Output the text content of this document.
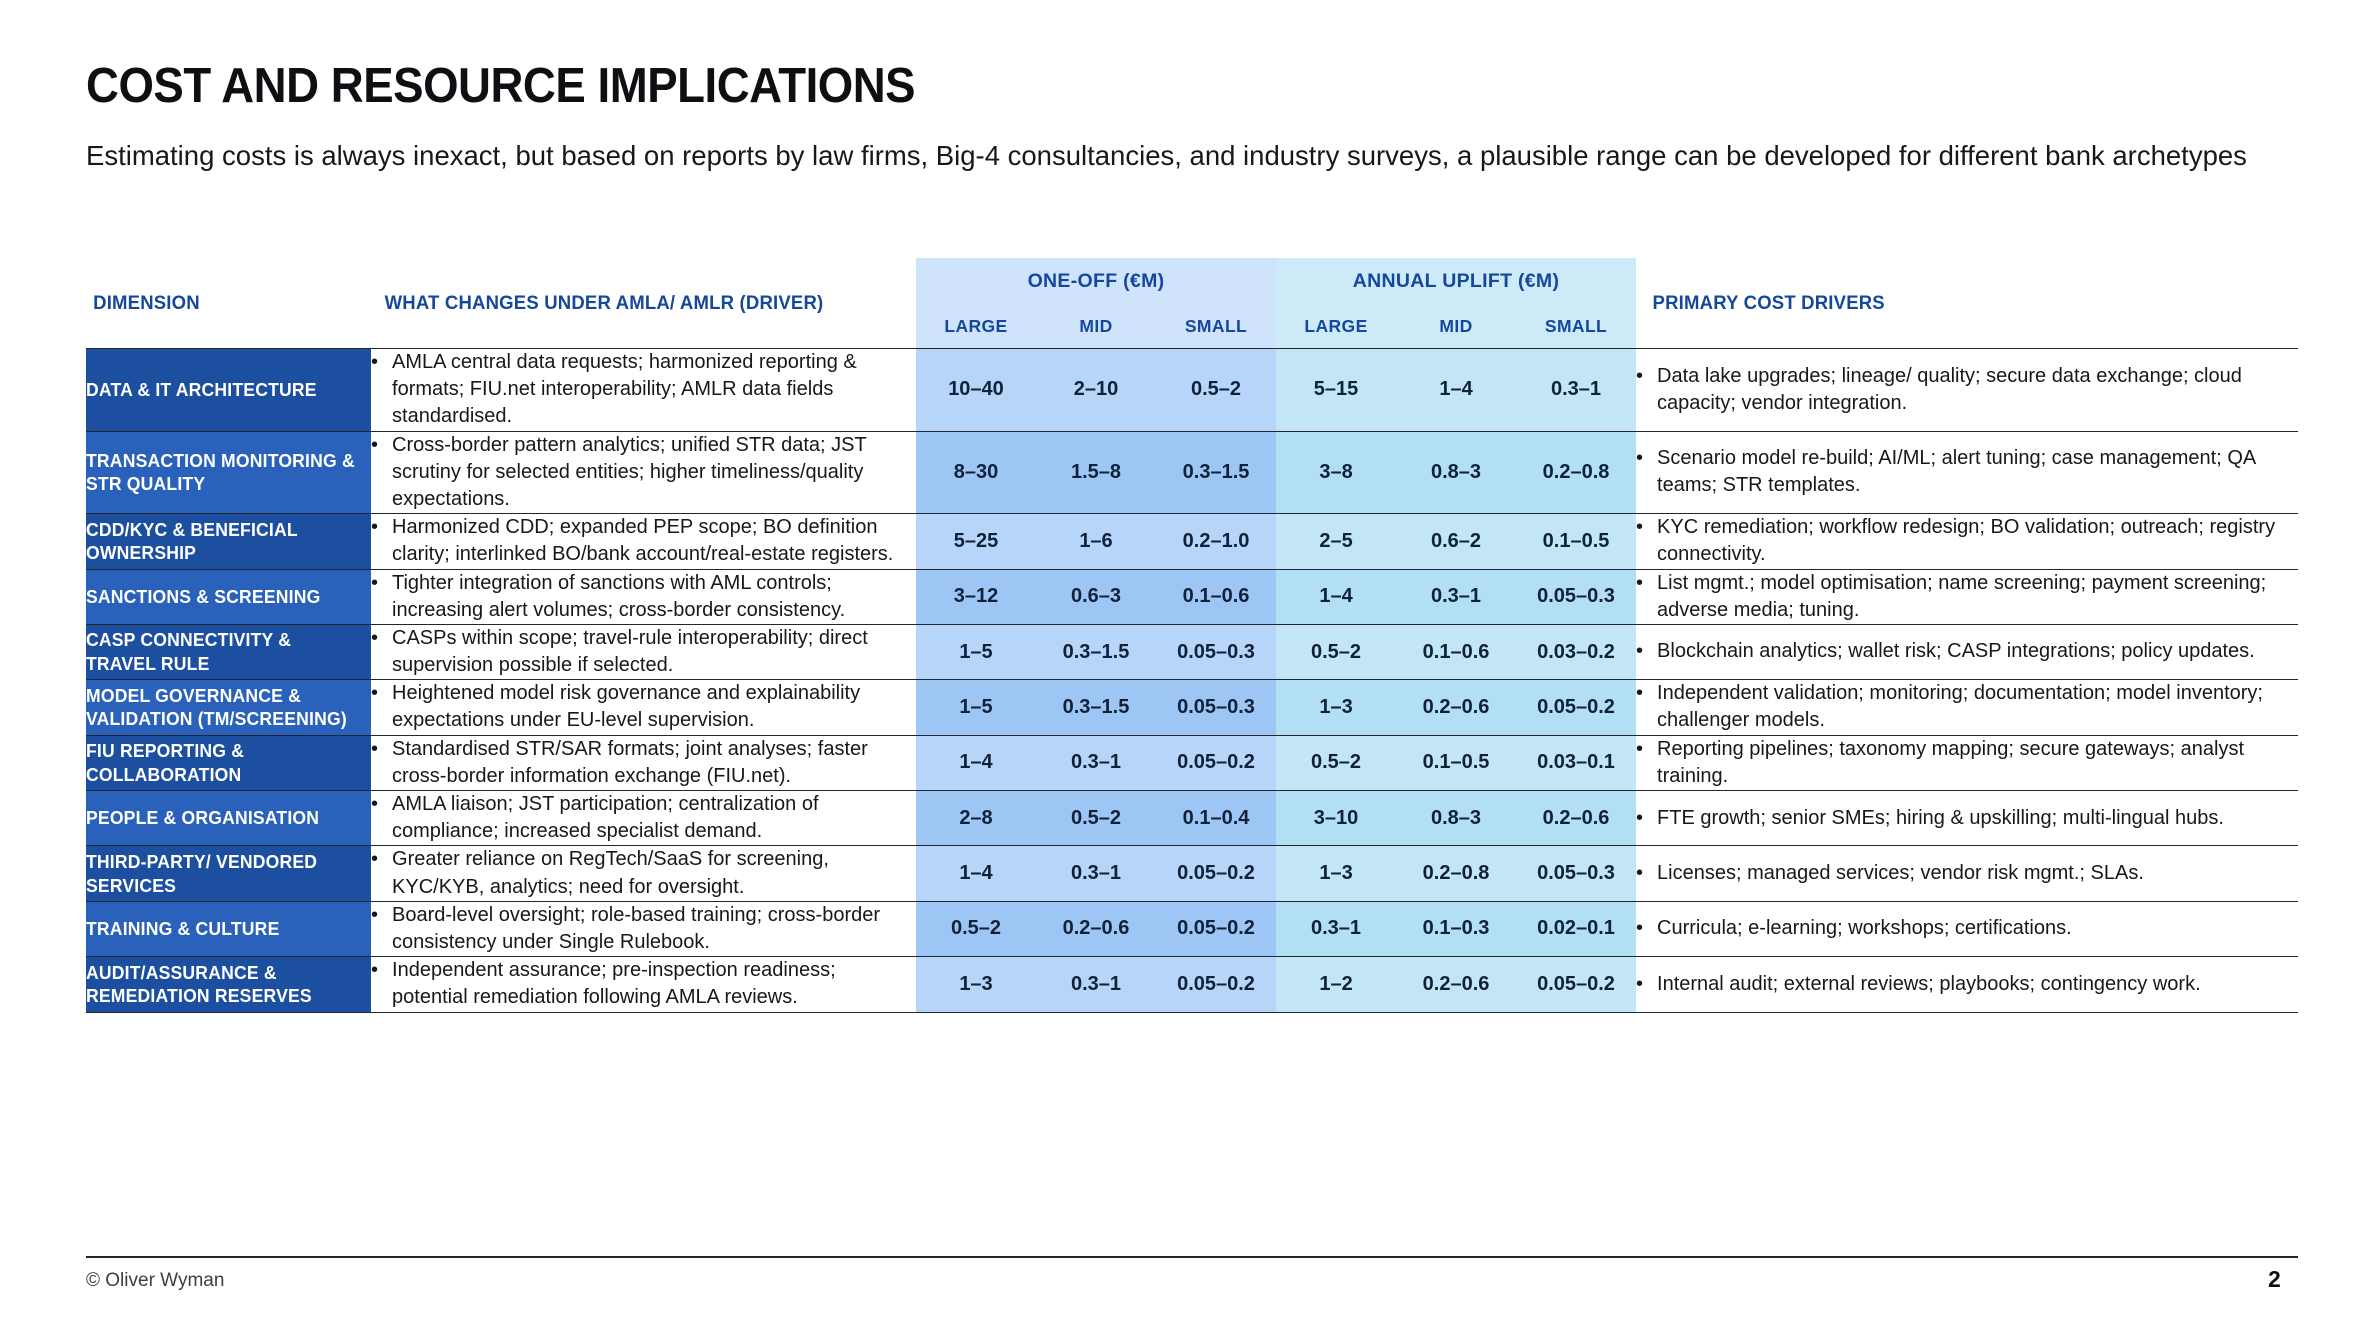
COST AND RESOURCE IMPLICATIONS
Estimating costs is always inexact, but based on reports by law firms, Big-4 consultancies, and industry surveys, a plausible range can be developed for different bank archetypes
DIMENSION	WHAT CHANGES UNDER AMLA/ AMLR (DRIVER)	ONE-OFF (€M)			ANNUAL UPLIFT (€M)			PRIMARY COST DRIVERS
		LARGE	MID	SMALL	LARGE	MID	SMALL	

DATA & IT ARCHITECTURE	• AMLA central data requests; harmonized reporting & formats; FIU.net interoperability; AMLR data fields standardised.	10–40	2–10	0.5–2	5–15	1–4	0.3–1	• Data lake upgrades; lineage/ quality; secure data exchange; cloud capacity; vendor integration.

TRANSACTION MONITORING & STR QUALITY	• Cross-border pattern analytics; unified STR data; JST scrutiny for selected entities; higher timeliness/quality expectations.	8–30	1.5–8	0.3–1.5	3–8	0.8–3	0.2–0.8	• Scenario model re-build; AI/ML; alert tuning; case management; QA teams; STR templates.

CDD/KYC & BENEFICIAL OWNERSHIP	• Harmonized CDD; expanded PEP scope; BO definition clarity; interlinked BO/bank account/real-estate registers.	5–25	1–6	0.2–1.0	2–5	0.6–2	0.1–0.5	• KYC remediation; workflow redesign; BO validation; outreach; registry connectivity.

SANCTIONS & SCREENING	• Tighter integration of sanctions with AML controls; increasing alert volumes; cross-border consistency.	3–12	0.6–3	0.1–0.6	1–4	0.3–1	0.05–0.3	• List mgmt.; model optimisation; name screening; payment screening; adverse media; tuning.

CASP CONNECTIVITY & TRAVEL RULE	• CASPs within scope; travel-rule interoperability; direct supervision possible if selected.	1–5	0.3–1.5	0.05–0.3	0.5–2	0.1–0.6	0.03–0.2	• Blockchain analytics; wallet risk; CASP integrations; policy updates.

MODEL GOVERNANCE & VALIDATION (TM/SCREENING)	• Heightened model risk governance and explainability expectations under EU-level supervision.	1–5	0.3–1.5	0.05–0.3	1–3	0.2–0.6	0.05–0.2	• Independent validation; monitoring; documentation; model inventory; challenger models.

FIU REPORTING & COLLABORATION	• Standardised STR/SAR formats; joint analyses; faster cross-border information exchange (FIU.net).	1–4	0.3–1	0.05–0.2	0.5–2	0.1–0.5	0.03–0.1	• Reporting pipelines; taxonomy mapping; secure gateways; analyst training.

PEOPLE & ORGANISATION	• AMLA liaison; JST participation; centralization of compliance; increased specialist demand.	2–8	0.5–2	0.1–0.4	3–10	0.8–3	0.2–0.6	• FTE growth; senior SMEs; hiring & upskilling; multi-lingual hubs.

THIRD-PARTY/ VENDORED SERVICES	• Greater reliance on RegTech/SaaS for screening, KYC/KYB, analytics; need for oversight.	1–4	0.3–1	0.05–0.2	1–3	0.2–0.8	0.05–0.3	• Licenses; managed services; vendor risk mgmt.; SLAs.

TRAINING & CULTURE	• Board-level oversight; role-based training; cross-border consistency under Single Rulebook.	0.5–2	0.2–0.6	0.05–0.2	0.3–1	0.1–0.3	0.02–0.1	• Curricula; e-learning; workshops; certifications.

AUDIT/ASSURANCE & REMEDIATION RESERVES	• Independent assurance; pre-inspection readiness; potential remediation following AMLA reviews.	1–3	0.3–1	0.05–0.2	1–2	0.2–0.6	0.05–0.2	• Internal audit; external reviews; playbooks; contingency work.
© Oliver Wyman	2
